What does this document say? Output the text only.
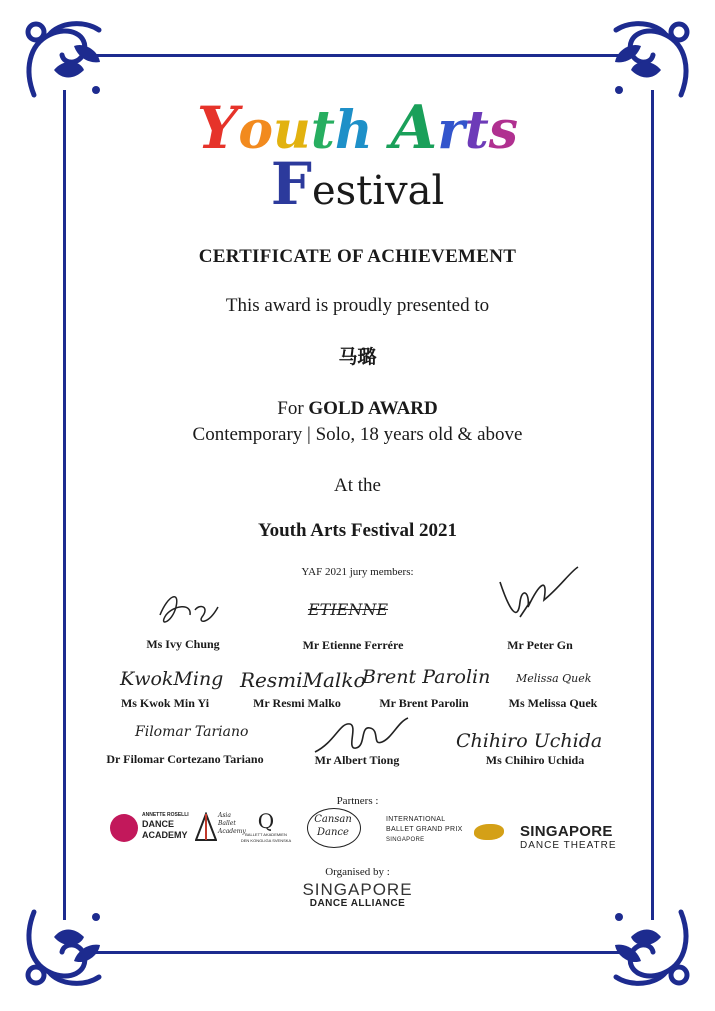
Youth Arts
Festival
CERTIFICATE OF ACHIEVEMENT
This award is proudly presented to
马璐
For GOLD AWARD
Contemporary | Solo, 18 years old & above
At the
Youth Arts Festival 2021
YAF 2021 jury members:
ETIENNE
Ms Ivy Chung	Mr Etienne Ferrére	Mr Peter Gn
KwokMing ResmiMalko
Brent Parolin Melissa Quek
Ms Kwok Min Yi	Mr Resmi Malko	Mr Brent Parolin	Ms Melissa Quek
Filomar Tariano	Chihiro Uchida
Dr Filomar Cortezano Tariano	Mr Albert Tiong	Ms Chihiro Uchida
Partners :
ANNETTE ROSELLI
DANCE
ACADEMY
Asia
Ballet
Academy Q
BALLETT AKADEMIEN
DEN KONGLIGA SVENSKA
Cansan
Dance
INTERNATIONAL
BALLET GRAND PRIX
SINGAPORE	SINGAPORE
DANCE THEATRE
Organised by :
SINGAPORE
DANCE ALLIANCE
